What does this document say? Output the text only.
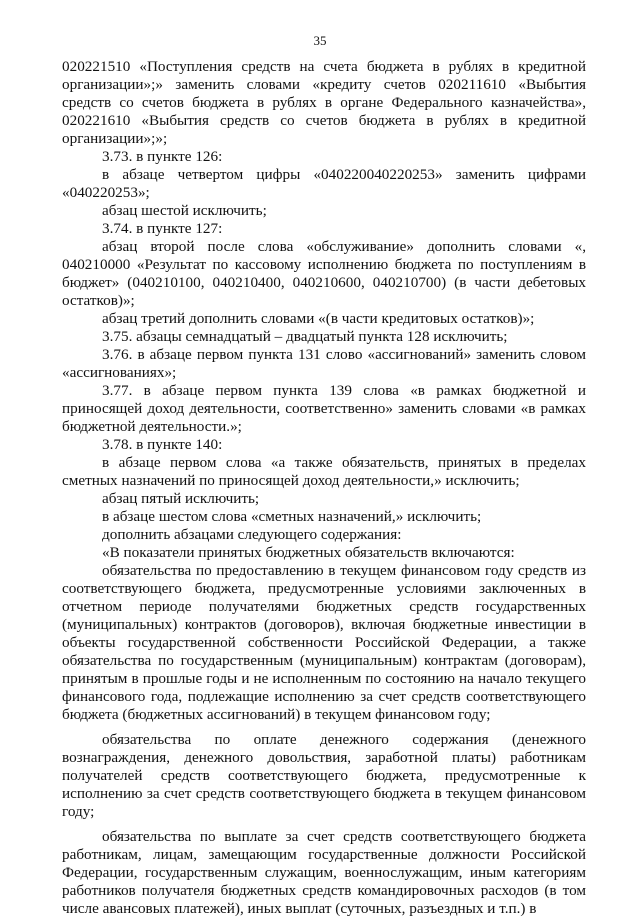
35

020221510 «Поступления средств на счета бюджета в рублях в кредитной организации»;» заменить словами «кредиту счетов 020211610 «Выбытия средств со счетов бюджета в рублях в органе Федерального казначейства», 020221610 «Выбытия средств со счетов бюджета в рублях в кредитной организации»;»;

3.73. в пункте 126:

в абзаце четвертом цифры «040220040220253» заменить цифрами «040220253»;

абзац шестой исключить;

3.74. в пункте 127:

абзац второй после слова «обслуживание» дополнить словами «, 040210000 «Результат по кассовому исполнению бюджета по поступлениям в бюджет» (040210100, 040210400, 040210600, 040210700) (в части дебетовых остатков)»;

абзац третий дополнить словами «(в части кредитовых остатков)»;

3.75. абзацы семнадцатый – двадцатый пункта 128 исключить;

3.76. в абзаце первом пункта 131 слово «ассигнований» заменить словом «ассигнованиях»;

3.77. в абзаце первом пункта 139 слова «в рамках бюджетной и приносящей доход деятельности, соответственно» заменить словами «в рамках бюджетной деятельности.»;

3.78. в пункте 140:

в абзаце первом слова «а также обязательств, принятых в пределах сметных назначений по приносящей доход деятельности,» исключить;

абзац пятый исключить;

в абзаце шестом слова «сметных назначений,» исключить;

дополнить абзацами следующего содержания:

«В показатели принятых бюджетных обязательств включаются:

обязательства по предоставлению в текущем финансовом году средств из соответствующего бюджета, предусмотренные условиями заключенных в отчетном периоде получателями бюджетных средств государственных (муниципальных) контрактов (договоров), включая бюджетные инвестиции в объекты государственной собственности Российской Федерации, а также обязательства по государственным (муниципальным) контрактам (договорам), принятым в прошлые годы и не исполненным по состоянию на начало текущего финансового года, подлежащие исполнению за счет средств соответствующего бюджета (бюджетных ассигнований) в текущем финансовом году;

обязательства по оплате денежного содержания (денежного вознаграждения, денежного довольствия, заработной платы) работникам получателей средств соответствующего бюджета, предусмотренные к исполнению за счет средств соответствующего бюджета в текущем финансовом году;

обязательства по выплате за счет средств соответствующего бюджета работникам, лицам, замещающим государственные должности Российской Федерации, государственным служащим, военнослужащим, иным категориям работников получателя бюджетных средств командировочных расходов (в том числе авансовых платежей), иных выплат (суточных, разъездных и т.п.) в
